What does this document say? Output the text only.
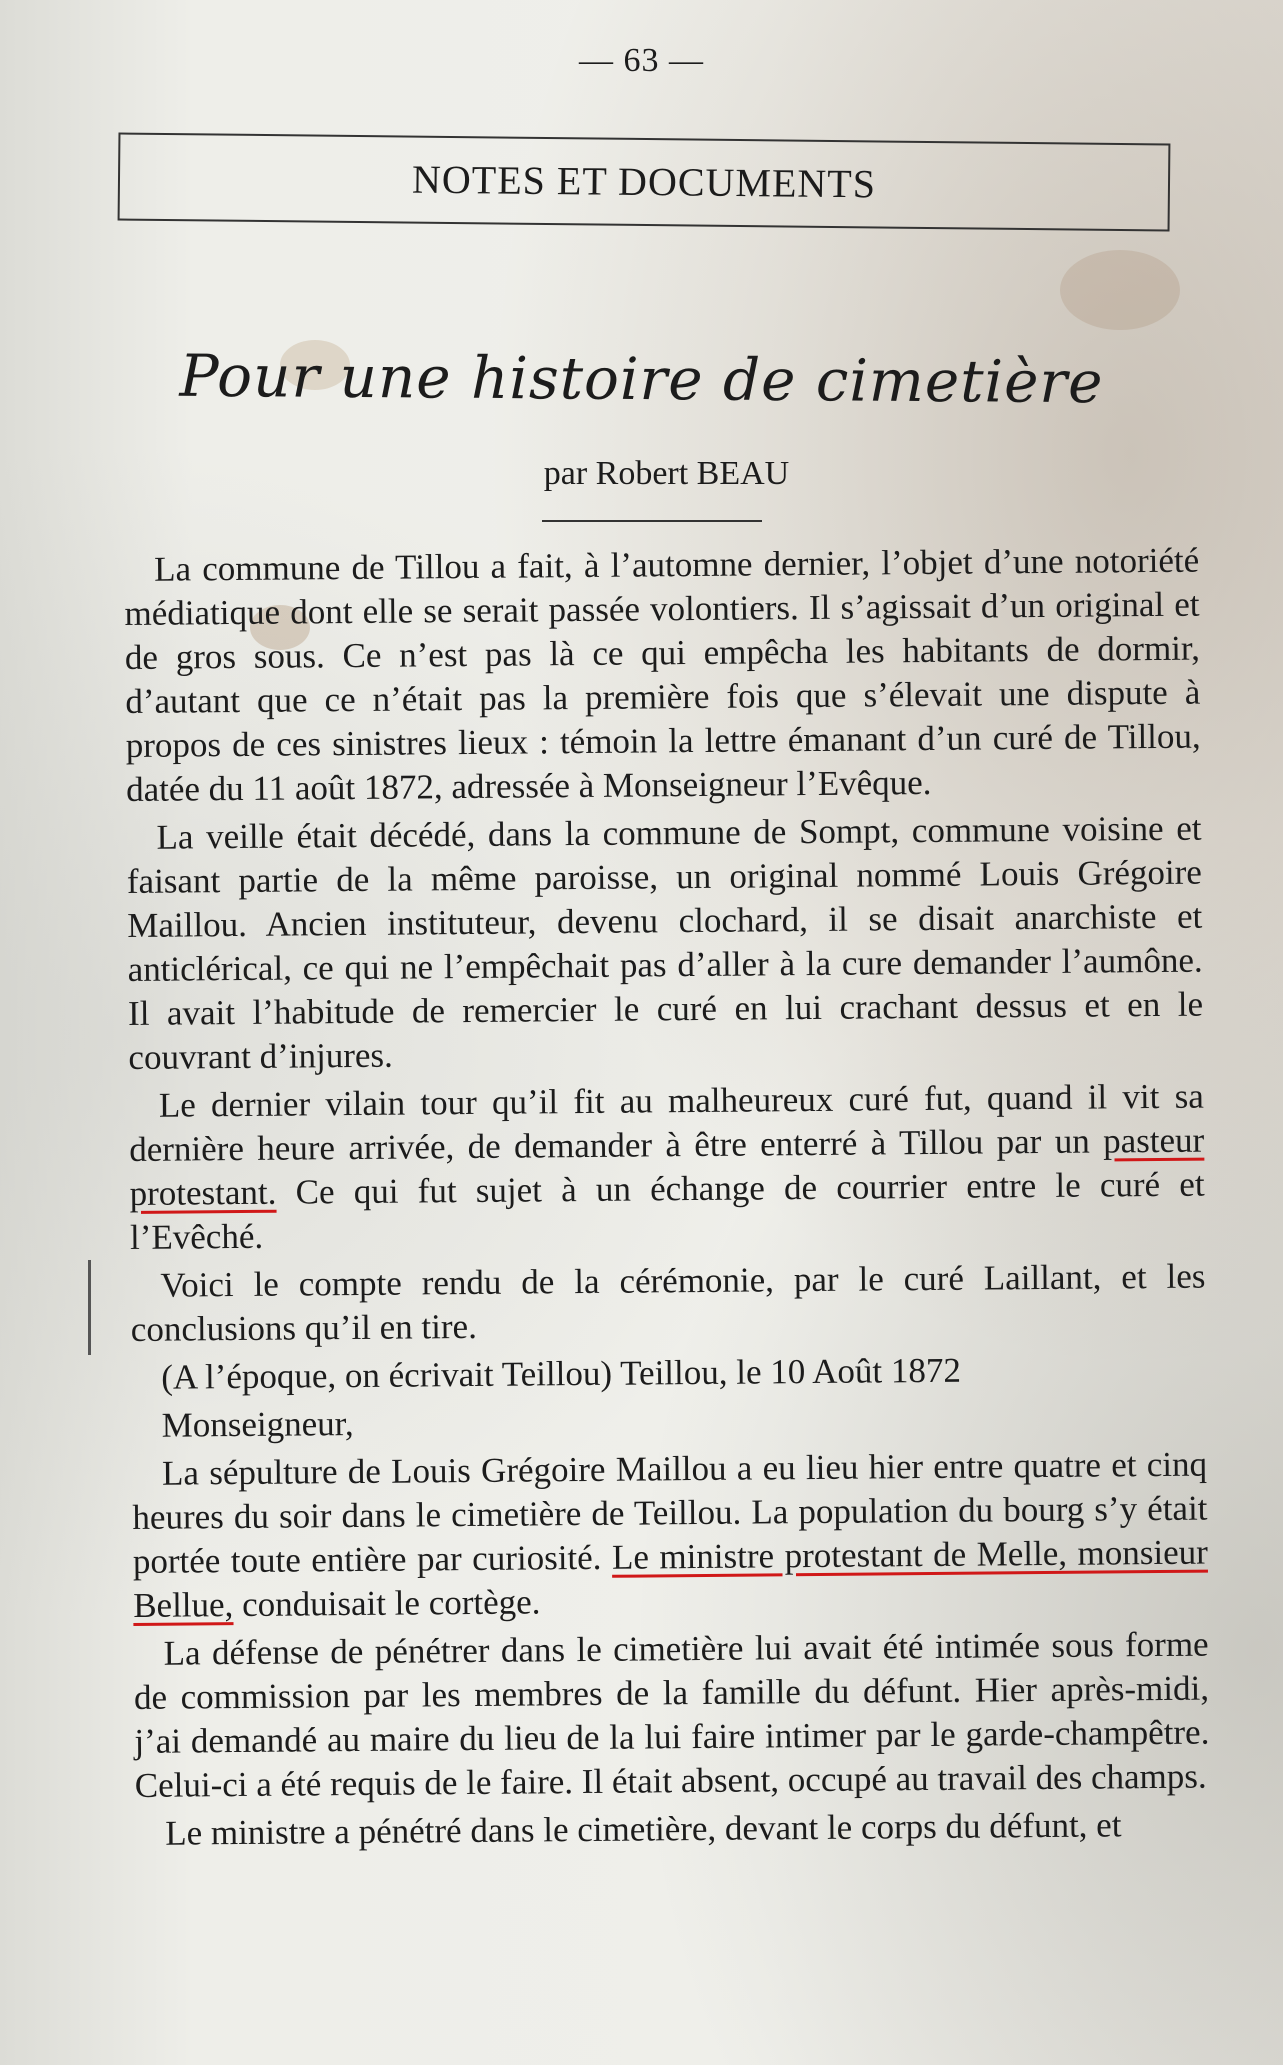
— 63 —
NOTES ET DOCUMENTS
Pour une histoire de cimetière
par Robert BEAU

La commune de Tillou a fait, à l’automne dernier, l’objet d’une notoriété médiatique dont elle se serait passée volontiers. Il s’agissait d’un original et de gros sous. Ce n’est pas là ce qui empêcha les habitants de dormir, d’autant que ce n’était pas la première fois que s’élevait une dispute à propos de ces sinistres lieux : témoin la lettre émanant d’un curé de Tillou, datée du 11 août 1872, adressée à Monseigneur l’Evêque.

La veille était décédé, dans la commune de Sompt, commune voisine et faisant partie de la même paroisse, un original nommé Louis Grégoire Maillou. Ancien instituteur, devenu clochard, il se disait anarchiste et anticlérical, ce qui ne l’empêchait pas d’aller à la cure demander l’aumône. Il avait l’habitude de remercier le curé en lui crachant dessus et en le couvrant d’injures.

Le dernier vilain tour qu’il fit au malheureux curé fut, quand il vit sa dernière heure arrivée, de demander à être enterré à Tillou par un pasteur protestant. Ce qui fut sujet à un échange de courrier entre le curé et l’Evêché.

Voici le compte rendu de la cérémonie, par le curé Laillant, et les conclusions qu’il en tire.

(A l’époque, on écrivait Teillou) Teillou, le 10 Août 1872

Monseigneur,

La sépulture de Louis Grégoire Maillou a eu lieu hier entre quatre et cinq heures du soir dans le cimetière de Teillou. La population du bourg s’y était portée toute entière par curiosité. Le ministre protestant de Melle, monsieur Bellue, conduisait le cortège.

La défense de pénétrer dans le cimetière lui avait été intimée sous forme de commission par les membres de la famille du défunt. Hier après-midi, j’ai demandé au maire du lieu de la lui faire intimer par le garde-champêtre. Celui-ci a été requis de le faire. Il était absent, occupé au travail des champs.

Le ministre a pénétré dans le cimetière, devant le corps du défunt, et
